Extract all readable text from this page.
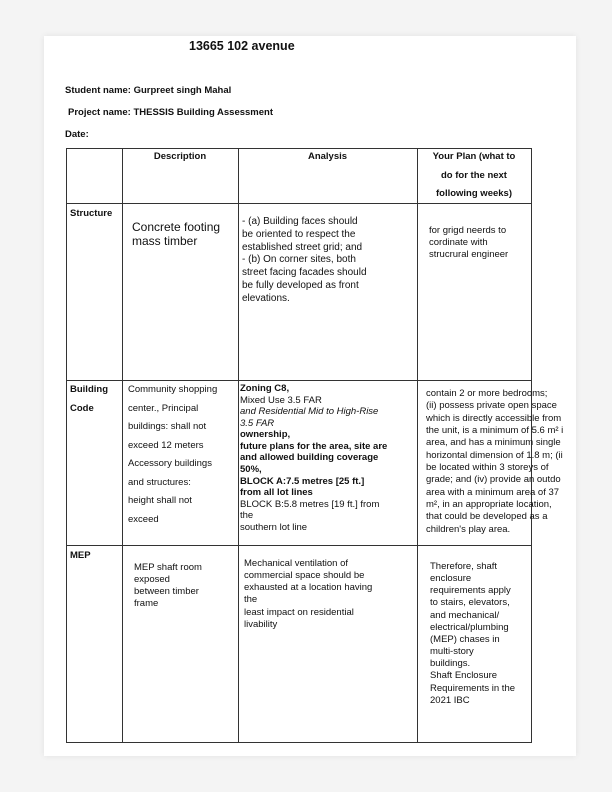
13665 102 avenue
Student name: Gurpreet singh Mahal
Project name: THESSIS Building Assessment
Date:
Description	Analysis	Your Plan (what to
do for the next
following weeks)
Structure
Concrete footing
mass timber
- (a) Building faces should
be oriented to respect the
established street grid; and
- (b) On corner sites, both
street facing facades should
be fully developed as front
elevations.
for grigd neerds to
cordinate with
strucrural engineer
Building
Code
Community shopping
center., Principal
buildings: shall not
exceed 12 meters
Accessory buildings
and structures:
height shall not
exceed
Zoning C8,
Mixed Use 3.5 FAR
and Residential Mid to High-Rise
3.5 FAR
ownership,
future plans for the area, site are
and allowed building coverage
50%,
BLOCK A:7.5 metres [25 ft.]
from all lot lines
BLOCK B:5.8 metres [19 ft.] from
the
southern lot line
contain 2 or more bedrooms;
(ii) possess private open space
which is directly accessible from
the unit, is a minimum of 5.6 m² i
area, and has a minimum single
horizontal dimension of 1.8 m; (ii
be located within 3 storeys of
grade; and (iv) provide an outdo
area with a minimum area of 37
m², in an appropriate location,
that could be developed as a
children's play area.
MEP
MEP shaft room
exposed
between timber
frame
Mechanical ventilation of
commercial space should be
exhausted at a location having
the
least impact on residential
livability
Therefore, shaft
enclosure
requirements apply
to stairs, elevators,
and mechanical/
electrical/plumbing
(MEP) chases in
multi-story
buildings.
Shaft Enclosure
Requirements in the
2021 IBC
